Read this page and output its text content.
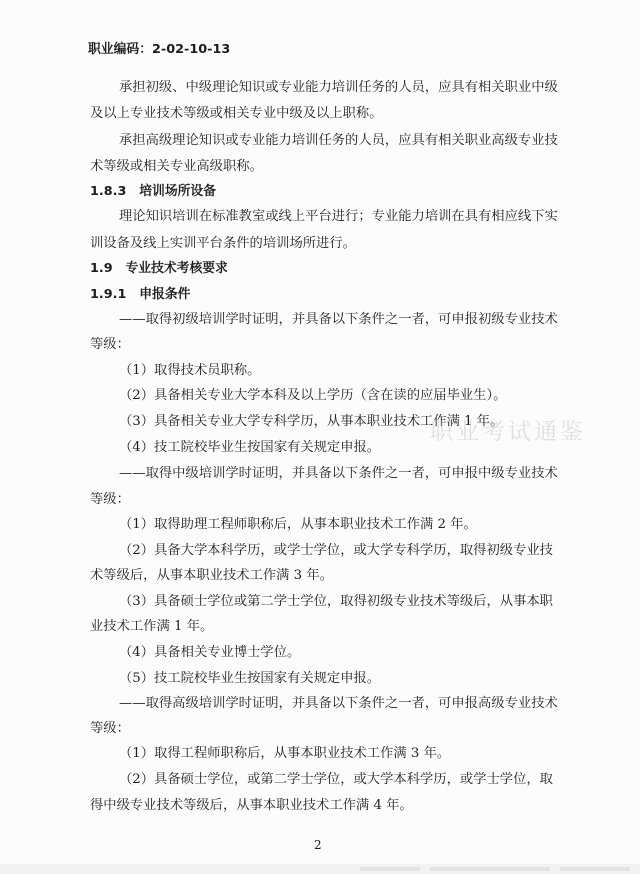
职业编码：2-02-10-13
承担初级、中级理论知识或专业能力培训任务的人员，应具有相关职业中级
及以上专业技术等级或相关专业中级及以上职称。
承担高级理论知识或专业能力培训任务的人员，应具有相关职业高级专业技
术等级或相关专业高级职称。
1.8.3　培训场所设备
理论知识培训在标准教室或线上平台进行；专业能力培训在具有相应线下实
训设备及线上实训平台条件的培训场所进行。
1.9　专业技术考核要求
1.9.1　申报条件
——取得初级培训学时证明，并具备以下条件之一者，可申报初级专业技术
等级：
（1）取得技术员职称。
（2）具备相关专业大学本科及以上学历（含在读的应届毕业生）。
（3）具备相关专业大学专科学历，从事本职业技术工作满 1 年。
（4）技工院校毕业生按国家有关规定申报。
——取得中级培训学时证明，并具备以下条件之一者，可申报中级专业技术
等级：
（1）取得助理工程师职称后，从事本职业技术工作满 2 年。
（2）具备大学本科学历，或学士学位，或大学专科学历，取得初级专业技
术等级后，从事本职业技术工作满 3 年。
（3）具备硕士学位或第二学士学位，取得初级专业技术等级后，从事本职
业技术工作满 1 年。
（4）具备相关专业博士学位。
（5）技工院校毕业生按国家有关规定申报。
——取得高级培训学时证明，并具备以下条件之一者，可申报高级专业技术
等级：
（1）取得工程师职称后，从事本职业技术工作满 3 年。
（2）具备硕士学位，或第二学士学位，或大学本科学历，或学士学位，取
得中级专业技术等级后，从事本职业技术工作满 4 年。
职业考试通鉴
2
